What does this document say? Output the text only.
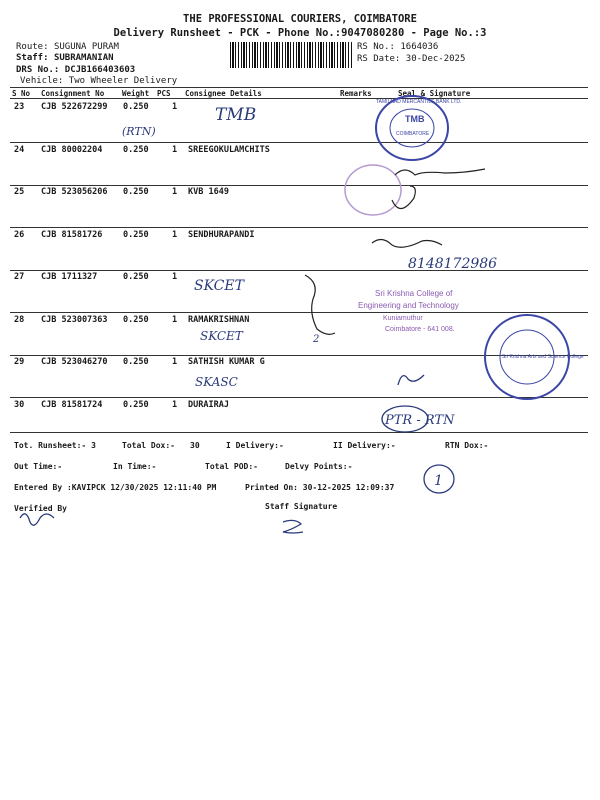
THE PROFESSIONAL COURIERS, COIMBATORE
Delivery Runsheet - PCK - Phone No.:9047080280 - Page No.:3
Route: SUGUNA PURAM
Staff: SUBRAMANIAN
DRS No.: DCJB166403603
Vehicle: Two Wheeler Delivery
RS No.: 1664036
RS Date: 30-Dec-2025
S No Consignment No Weight PCS Consignee Details	Remarks	Seal & Signature
23 CJB 522672299 0.250	1
24 CJB 80002204 0.250	1 SREEGOKULAMCHITS
25 CJB 523056206 0.250	1 KVB 1649
26 CJB 81581726 0.250	1 SENDHURAPANDI
27 CJB 1711327	0.250	1
28 CJB 523007363 0.250	1 RAMAKRISHNAN
29 CJB 523046270 0.250	1 SATHISH KUMAR G
30 CJB 81581724 0.250	1 DURAIRAJ
Tot. Runsheet:- 3	Total Dox:- 30	I Delivery:-	II Delivery:-	RTN Dox:-
Out Time:-	In Time:-	Total POD:-	Delvy Points:-
Entered By :KAVIPCK 12/30/2025 12:11:40 PM	Printed On: 30-12-2025 12:09:37
Verified By	Staff Signature
TMB
COIMBATORE
TAMILNAD MERCANTILE BANK LTD.
Sri Krishna College of
Engineering and Technology
Kuniamuthur
Coimbatore - 641 008.
Sri Krishna Arts and Science College
TMB
(RTN)
8148172986
SKCET
SKCET	2
SKASC
PTR - RTN
1
